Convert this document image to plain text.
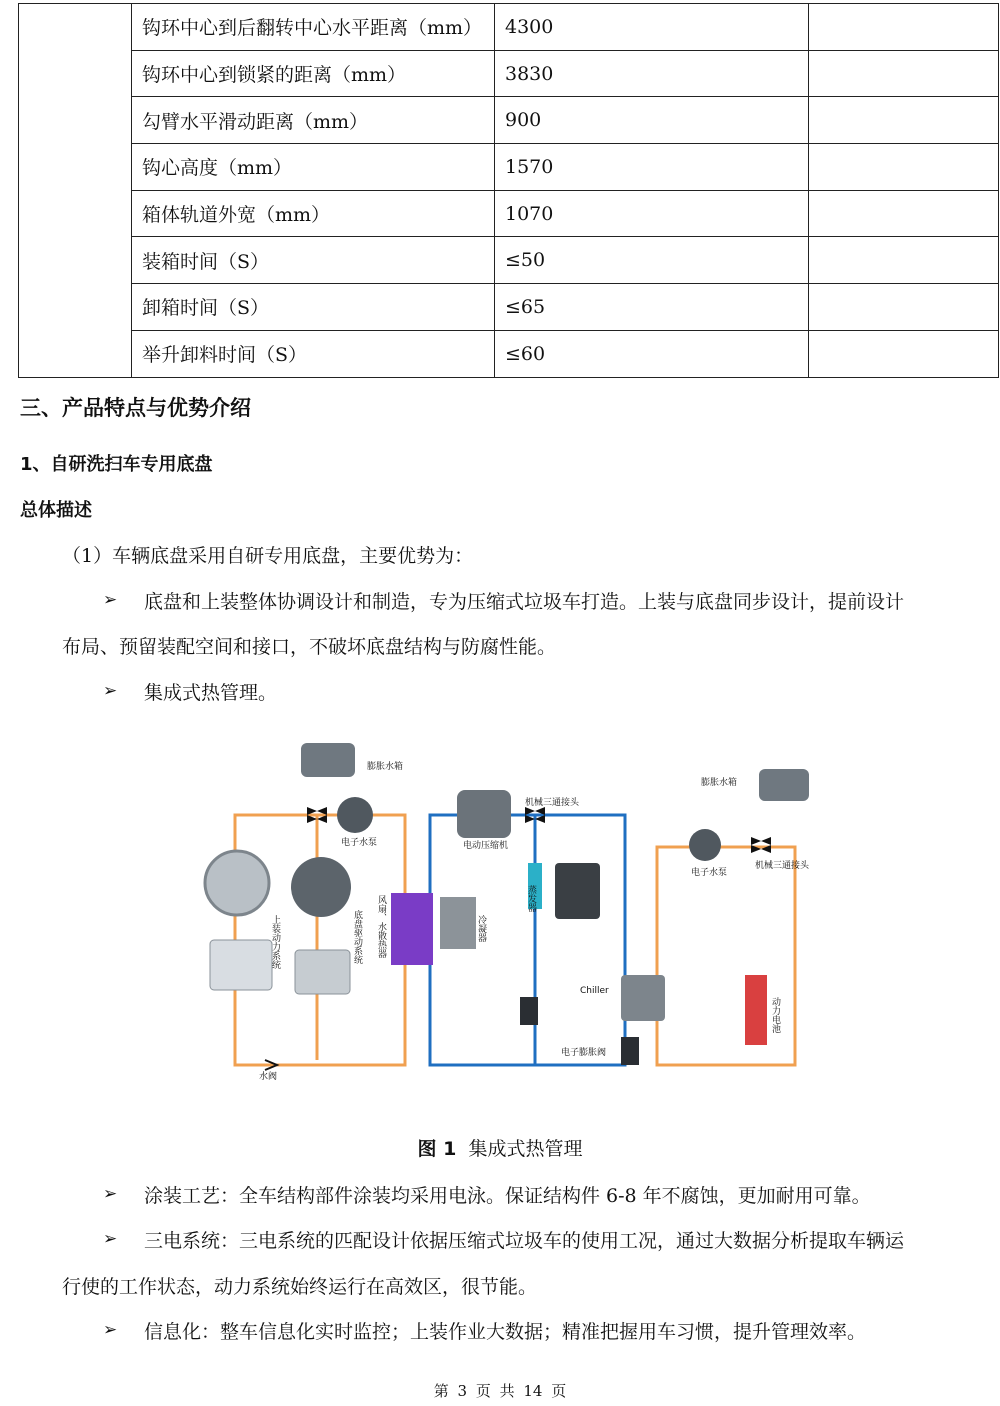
	钩环中心到后翻转中心水平距离（mm）	4300	
	钩环中心到锁紧的距离（mm）	3830	
	勾臂水平滑动距离（mm）	900	
	钩心高度（mm）	1570	
	箱体轨道外宽（mm）	1070	
	装箱时间（S）	≤50	
	卸箱时间（S）	≤65	
	举升卸料时间（S）	≤60	
三、产品特点与优势介绍
1、自研洗扫车专用底盘
总体描述
（1）车辆底盘采用自研专用底盘，主要优势为：
➢ 底盘和上装整体协调设计和制造，专为压缩式垃圾车打造。上装与底盘同步设计，提前设计
布局、预留装配空间和接口，不破坏底盘结构与防腐性能。
➢ 集成式热管理。
膨胀水箱
膨胀水箱
电子水泵
电子水泵
机械三通接头
机械三通接头
电动压缩机
蒸发器
冷凝器
Chiller
电子膨胀阀
水阀
上装动力系统	底盘驱动系统 风扇、水散热器
动力电池
图 1 集成式热管理
➢ 涂装工艺：全车结构部件涂装均采用电泳。保证结构件 6-8 年不腐蚀，更加耐用可靠。
➢ 三电系统：三电系统的匹配设计依据压缩式垃圾车的使用工况，通过大数据分析提取车辆运
行使的工作状态，动力系统始终运行在高效区，很节能。
➢ 信息化：整车信息化实时监控；上装作业大数据；精准把握用车习惯，提升管理效率。
第 3 页 共 14 页
